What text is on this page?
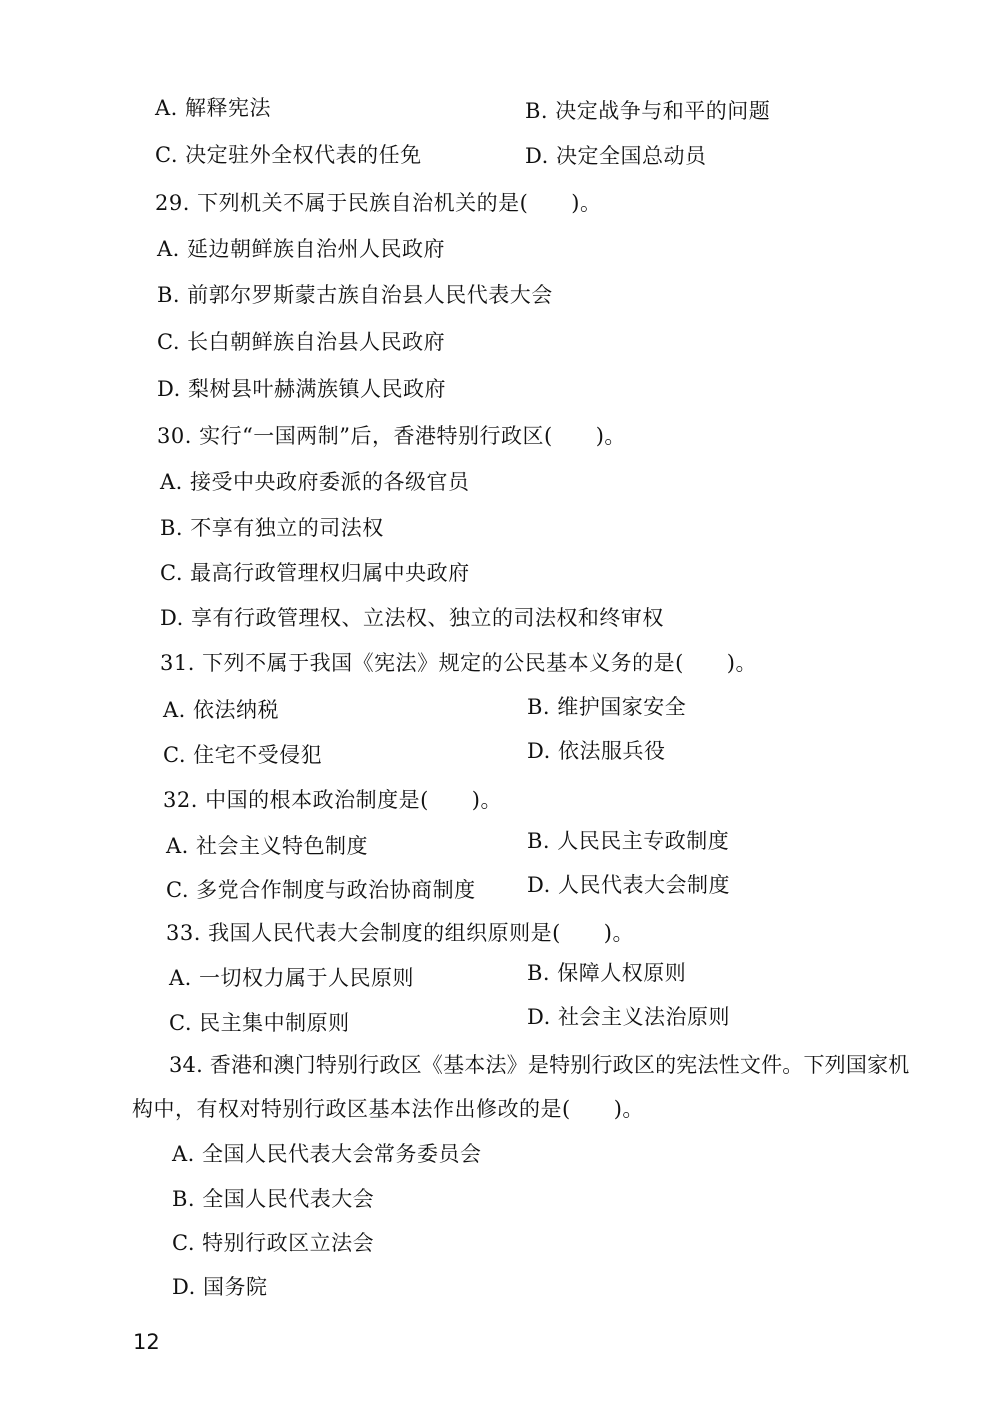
A. 解释宪法	B. 决定战争与和平的问题
C. 决定驻外全权代表的任免	D. 决定全国总动员
29. 下列机关不属于民族自治机关的是(　　)。
A. 延边朝鲜族自治州人民政府
B. 前郭尔罗斯蒙古族自治县人民代表大会
C. 长白朝鲜族自治县人民政府
D. 梨树县叶赫满族镇人民政府
30. 实行“一国两制”后，香港特别行政区(　　)。
A. 接受中央政府委派的各级官员
B. 不享有独立的司法权
C. 最高行政管理权归属中央政府
D. 享有行政管理权、立法权、独立的司法权和终审权
31. 下列不属于我国《宪法》规定的公民基本义务的是(　　)。
A. 依法纳税	B. 维护国家安全
C. 住宅不受侵犯	D. 依法服兵役
32. 中国的根本政治制度是(　　)。
A. 社会主义特色制度	B. 人民民主专政制度
C. 多党合作制度与政治协商制度 D. 人民代表大会制度
33. 我国人民代表大会制度的组织原则是(　　)。
A. 一切权力属于人民原则	B. 保障人权原则
C. 民主集中制原则	D. 社会主义法治原则
34. 香港和澳门特别行政区《基本法》是特别行政区的宪法性文件。下列国家机
构中，有权对特别行政区基本法作出修改的是(　　)。
A. 全国人民代表大会常务委员会
B. 全国人民代表大会
C. 特别行政区立法会
D. 国务院
12
